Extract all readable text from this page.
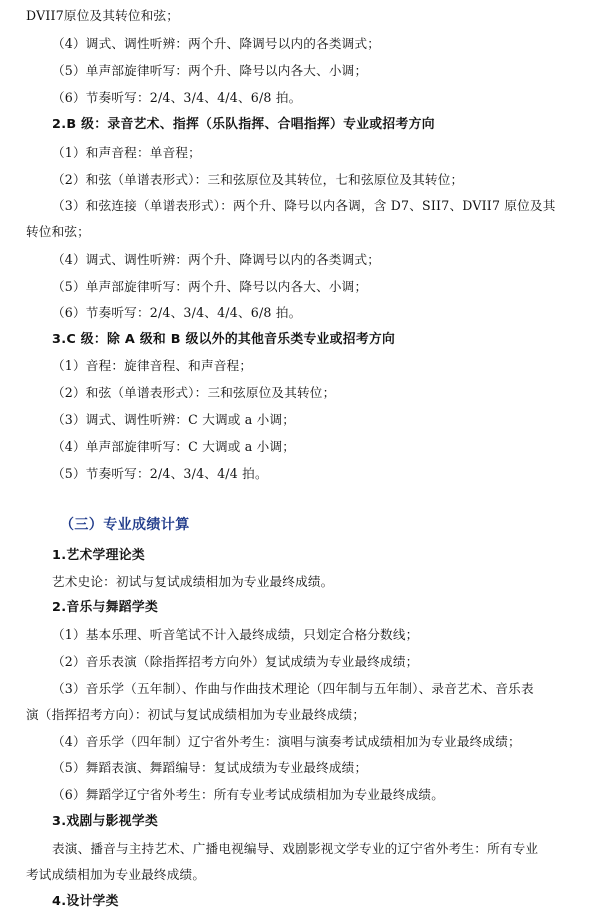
DVII7原位及其转位和弦；
（4）调式、调性听辨：两个升、降调号以内的各类调式；
（5）单声部旋律听写：两个升、降号以内各大、小调；
（6）节奏听写：2/4、3/4、4/4、6/8 拍。
2.B 级：录音艺术、指挥（乐队指挥、合唱指挥）专业或招考方向
（1）和声音程：单音程；
（2）和弦（单谱表形式）：三和弦原位及其转位，七和弦原位及其转位；
（3）和弦连接（单谱表形式）：两个升、降号以内各调，含 D7、SII7、DVII7 原位及其
转位和弦；
（4）调式、调性听辨：两个升、降调号以内的各类调式；
（5）单声部旋律听写：两个升、降号以内各大、小调；
（6）节奏听写：2/4、3/4、4/4、6/8 拍。
3.C 级：除 A 级和 B 级以外的其他音乐类专业或招考方向
（1）音程：旋律音程、和声音程；
（2）和弦（单谱表形式）：三和弦原位及其转位；
（3）调式、调性听辨：C 大调或 a 小调；
（4）单声部旋律听写：C 大调或 a 小调；
（5）节奏听写：2/4、3/4、4/4 拍。
（三）专业成绩计算
1.艺术学理论类
艺术史论：初试与复试成绩相加为专业最终成绩。
2.音乐与舞蹈学类
（1）基本乐理、听音笔试不计入最终成绩，只划定合格分数线；
（2）音乐表演（除指挥招考方向外）复试成绩为专业最终成绩；
（3）音乐学（五年制）、作曲与作曲技术理论（四年制与五年制）、录音艺术、音乐表
演（指挥招考方向）：初试与复试成绩相加为专业最终成绩；
（4）音乐学（四年制）辽宁省外考生：演唱与演奏考试成绩相加为专业最终成绩；
（5）舞蹈表演、舞蹈编导：复试成绩为专业最终成绩；
（6）舞蹈学辽宁省外考生：所有专业考试成绩相加为专业最终成绩。
3.戏剧与影视学类
表演、播音与主持艺术、广播电视编导、戏剧影视文学专业的辽宁省外考生：所有专业
考试成绩相加为专业最终成绩。
4.设计学类
